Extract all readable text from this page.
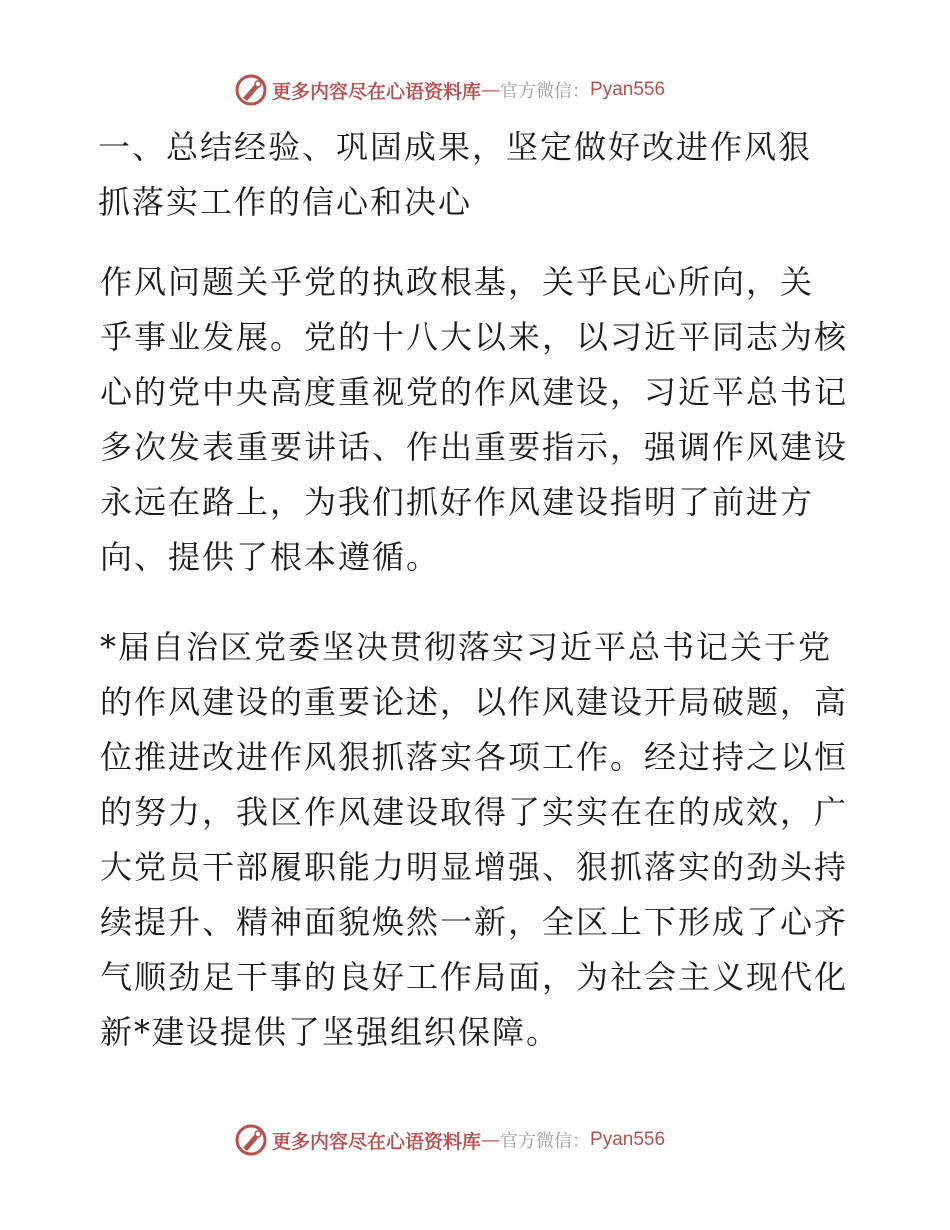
更多内容尽在心语资料库 — 官方微信： Pyan556

一、总结经验、巩固成果，坚定做好改进作风狠
抓落实工作的信心和决心

作风问题关乎党的执政根基，关乎民心所向，关
乎事业发展。党的十八大以来，以习近平同志为核
心的党中央高度重视党的作风建设，习近平总书记
多次发表重要讲话、作出重要指示，强调作风建设
永远在路上，为我们抓好作风建设指明了前进方
向、提供了根本遵循。

*届自治区党委坚决贯彻落实习近平总书记关于党
的作风建设的重要论述，以作风建设开局破题，高
位推进改进作风狠抓落实各项工作。经过持之以恒
的努力，我区作风建设取得了实实在在的成效，广
大党员干部履职能力明显增强、狠抓落实的劲头持
续提升、精神面貌焕然一新，全区上下形成了心齐
气顺劲足干事的良好工作局面，为社会主义现代化
新*建设提供了坚强组织保障。

更多内容尽在心语资料库 — 官方微信： Pyan556
